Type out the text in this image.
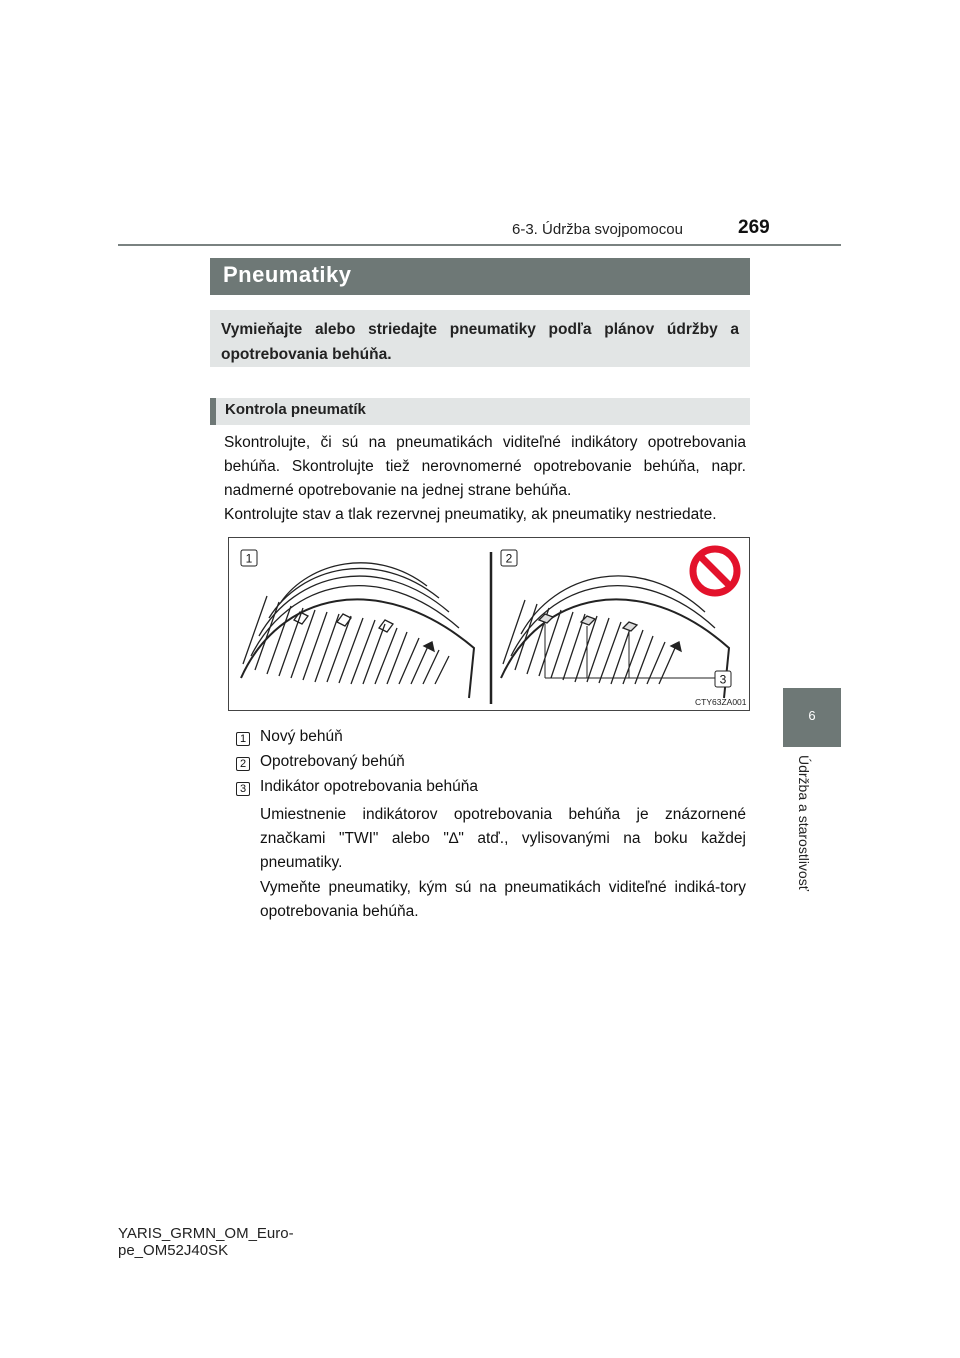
6-3. Údržba svojpomocou	269
6
Údržba a starostlivosť
Pneumatiky
Vymieňajte alebo striedajte pneumatiky podľa plánov údržby a opotrebovania behúňa.
Kontrola pneumatík
Skontrolujte, či sú na pneumatikách viditeľné indikátory opotrebovania behúňa. Skontrolujte tiež nerovnomerné opotrebovanie behúňa, napr. nadmerné opotrebovanie na jednej strane behúňa.
Kontrolujte stav a tlak rezervnej pneumatiky, ak pneumatiky nestriedate.
1	2
3
CTY63ZA001
1 Nový behúň
2 Opotrebovaný behúň
3 Indikátor opotrebovania behúňa
Umiestnenie indikátorov opotrebovania behúňa je znázornené značkami "TWI" alebo "∆" atď., vylisovanými na boku každej pneumatiky.
Vymeňte pneumatiky, kým sú na pneumatikách viditeľné indiká-tory opotrebovania behúňa.
YARIS_GRMN_OM_Euro-
pe_OM52J40SK
